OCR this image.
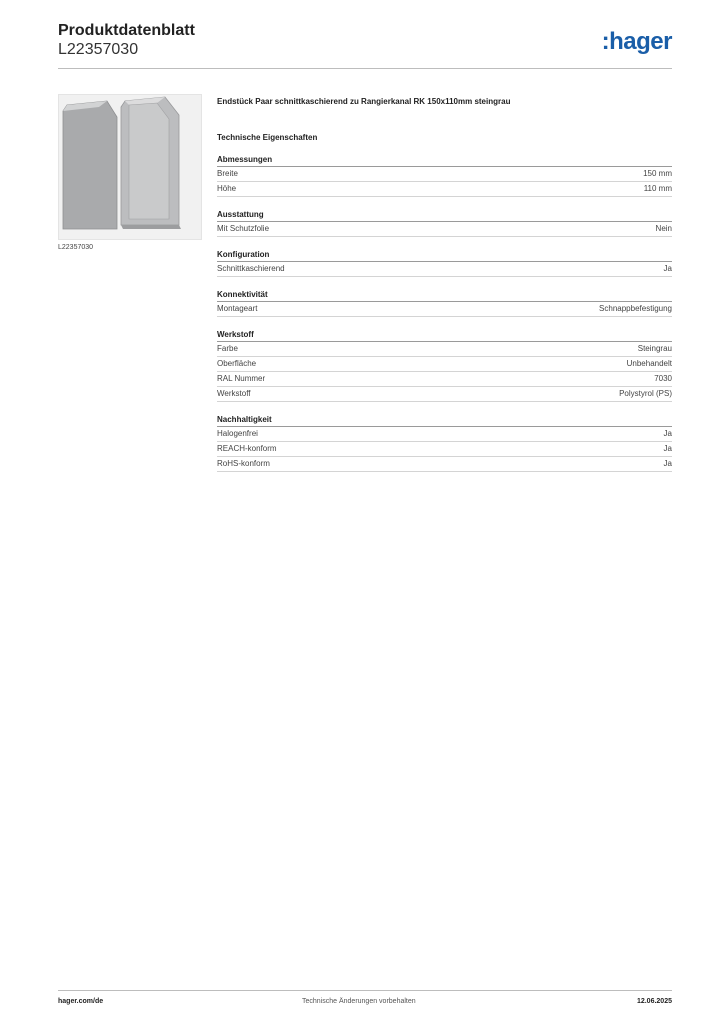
Produktdatenblatt
L22357030	:hager
L22357030
Endstück Paar schnittkaschierend zu Rangierkanal RK 150x110mm steingrau
Technische Eigenschaften
Abmessungen
Breite	150 mm
Höhe	110 mm
Ausstattung
Mit Schutzfolie	Nein
Konfiguration
Schnittkaschierend	Ja
Konnektivität
Montageart	Schnappbefestigung
Werkstoff
Farbe	Steingrau
Oberfläche	Unbehandelt
RAL Nummer	7030
Werkstoff	Polystyrol (PS)
Nachhaltigkeit
Halogenfrei	Ja
REACH-konform	Ja
RoHS-konform	Ja
hager.com/de	Technische Änderungen vorbehalten	12.06.2025
